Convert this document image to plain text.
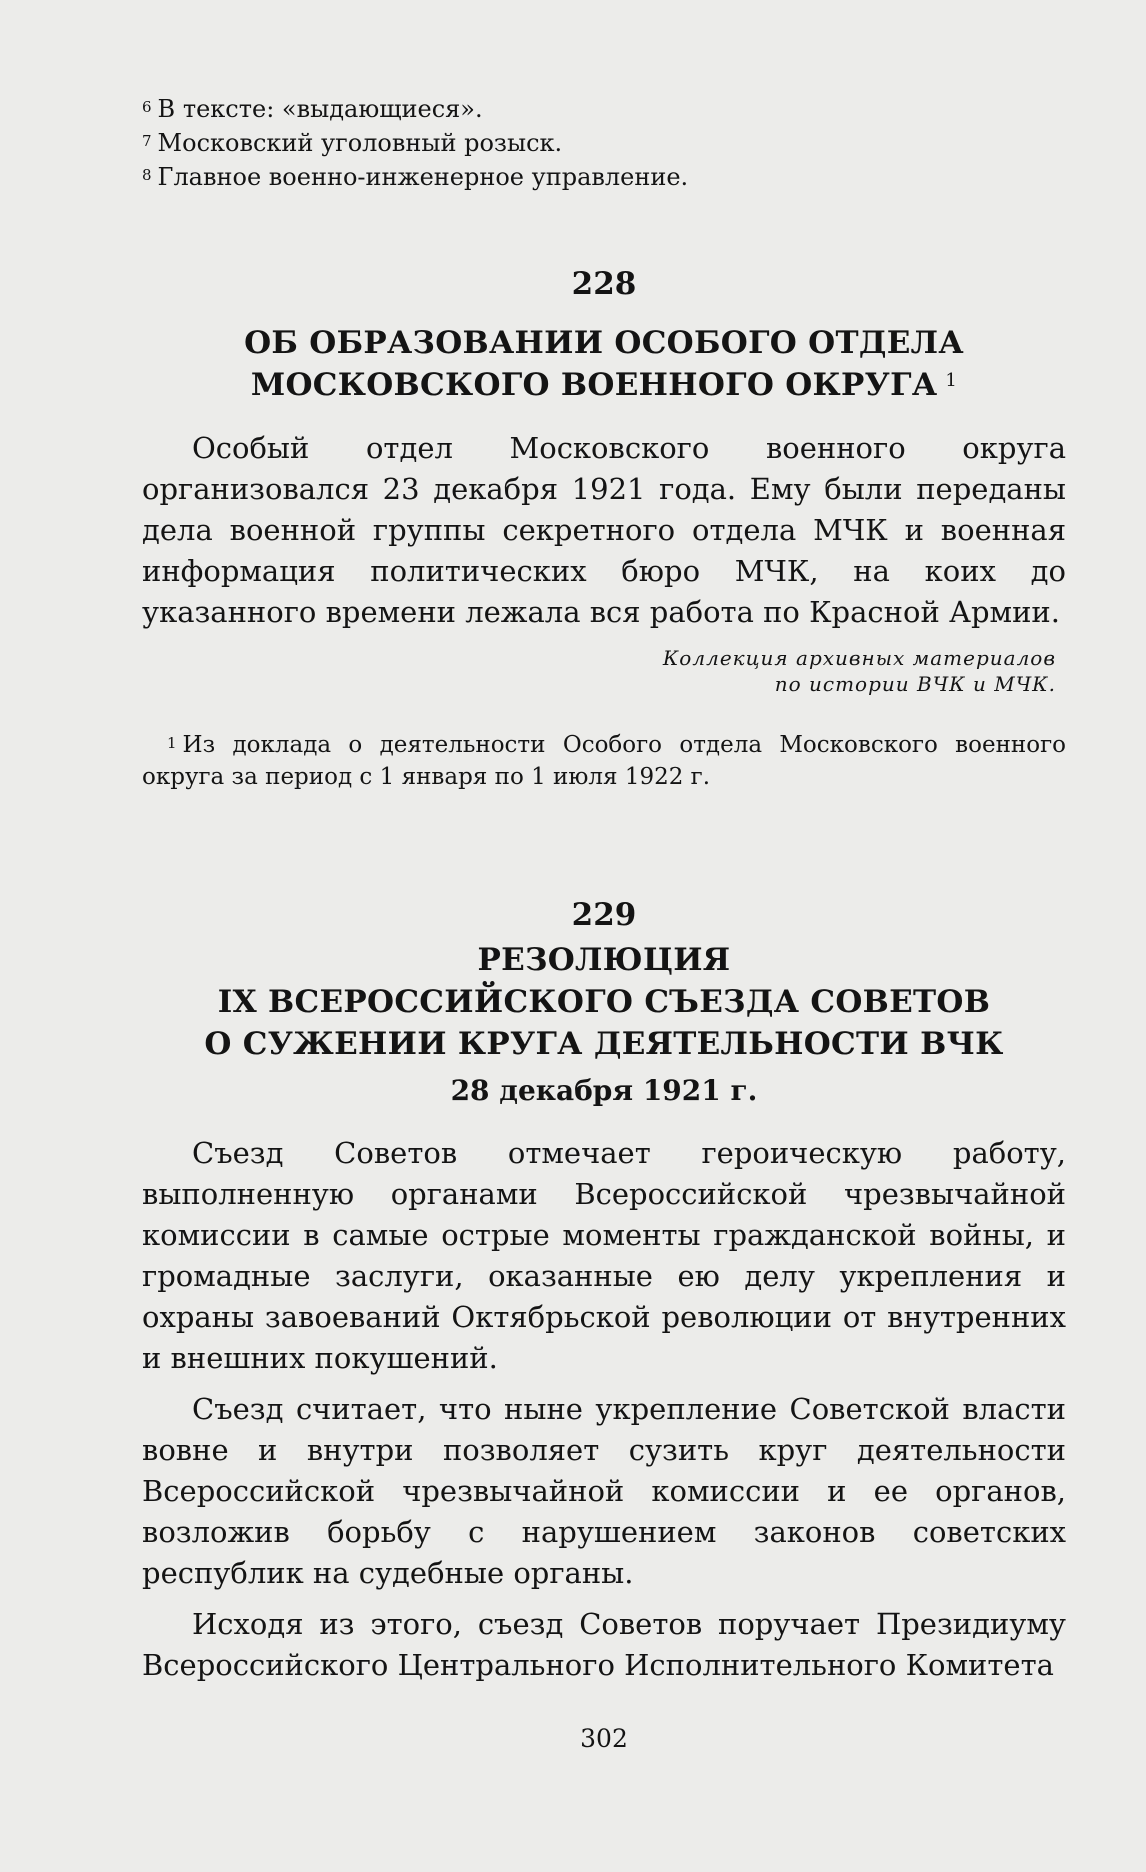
$^6$ В тексте: «выдающиеся».

$^7$ Московский уголовный розыск.

$^8$ Главное военно-инженерное управление.

228

ОБ ОБРАЗОВАНИИ ОСОБОГО ОТДЕЛА

МОСКОВСКОГО ВОЕННОГО ОКРУГА $^1$

Особый отдел Московского военного округа организовался 23 декабря 1921 года. Ему были переданы дела военной группы секретного отдела МЧК и военная информация политических бюро МЧК, на коих до указанного времени лежала вся работа по Красной Армии.

Коллекция архивных материалов

по истории ВЧК и МЧК.

$^1$ Из доклада о деятельности Особого отдела Московского военного округа за период с 1 января по 1 июля 1922 г.

229

РЕЗОЛЮЦИЯ

IX ВСЕРОССИЙСКОГО СЪЕЗДА СОВЕТОВ

О СУЖЕНИИ КРУГА ДЕЯТЕЛЬНОСТИ ВЧК

28 декабря 1921 г.

Съезд Советов отмечает героическую работу, выполненную органами Всероссийской чрезвычайной комиссии в самые острые моменты гражданской войны, и громадные заслуги, оказанные ею делу укрепления и охраны завоеваний Октябрьской революции от внутренних и внешних покушений.

Съезд считает, что ныне укрепление Советской власти вовне и внутри позволяет сузить круг деятельности Всероссийской чрезвычайной комиссии и ее органов, возложив борьбу с нарушением законов советских республик на судебные органы.

Исходя из этого, съезд Советов поручает Президиуму Всероссийского Центрального Исполнительного Комитета

302
